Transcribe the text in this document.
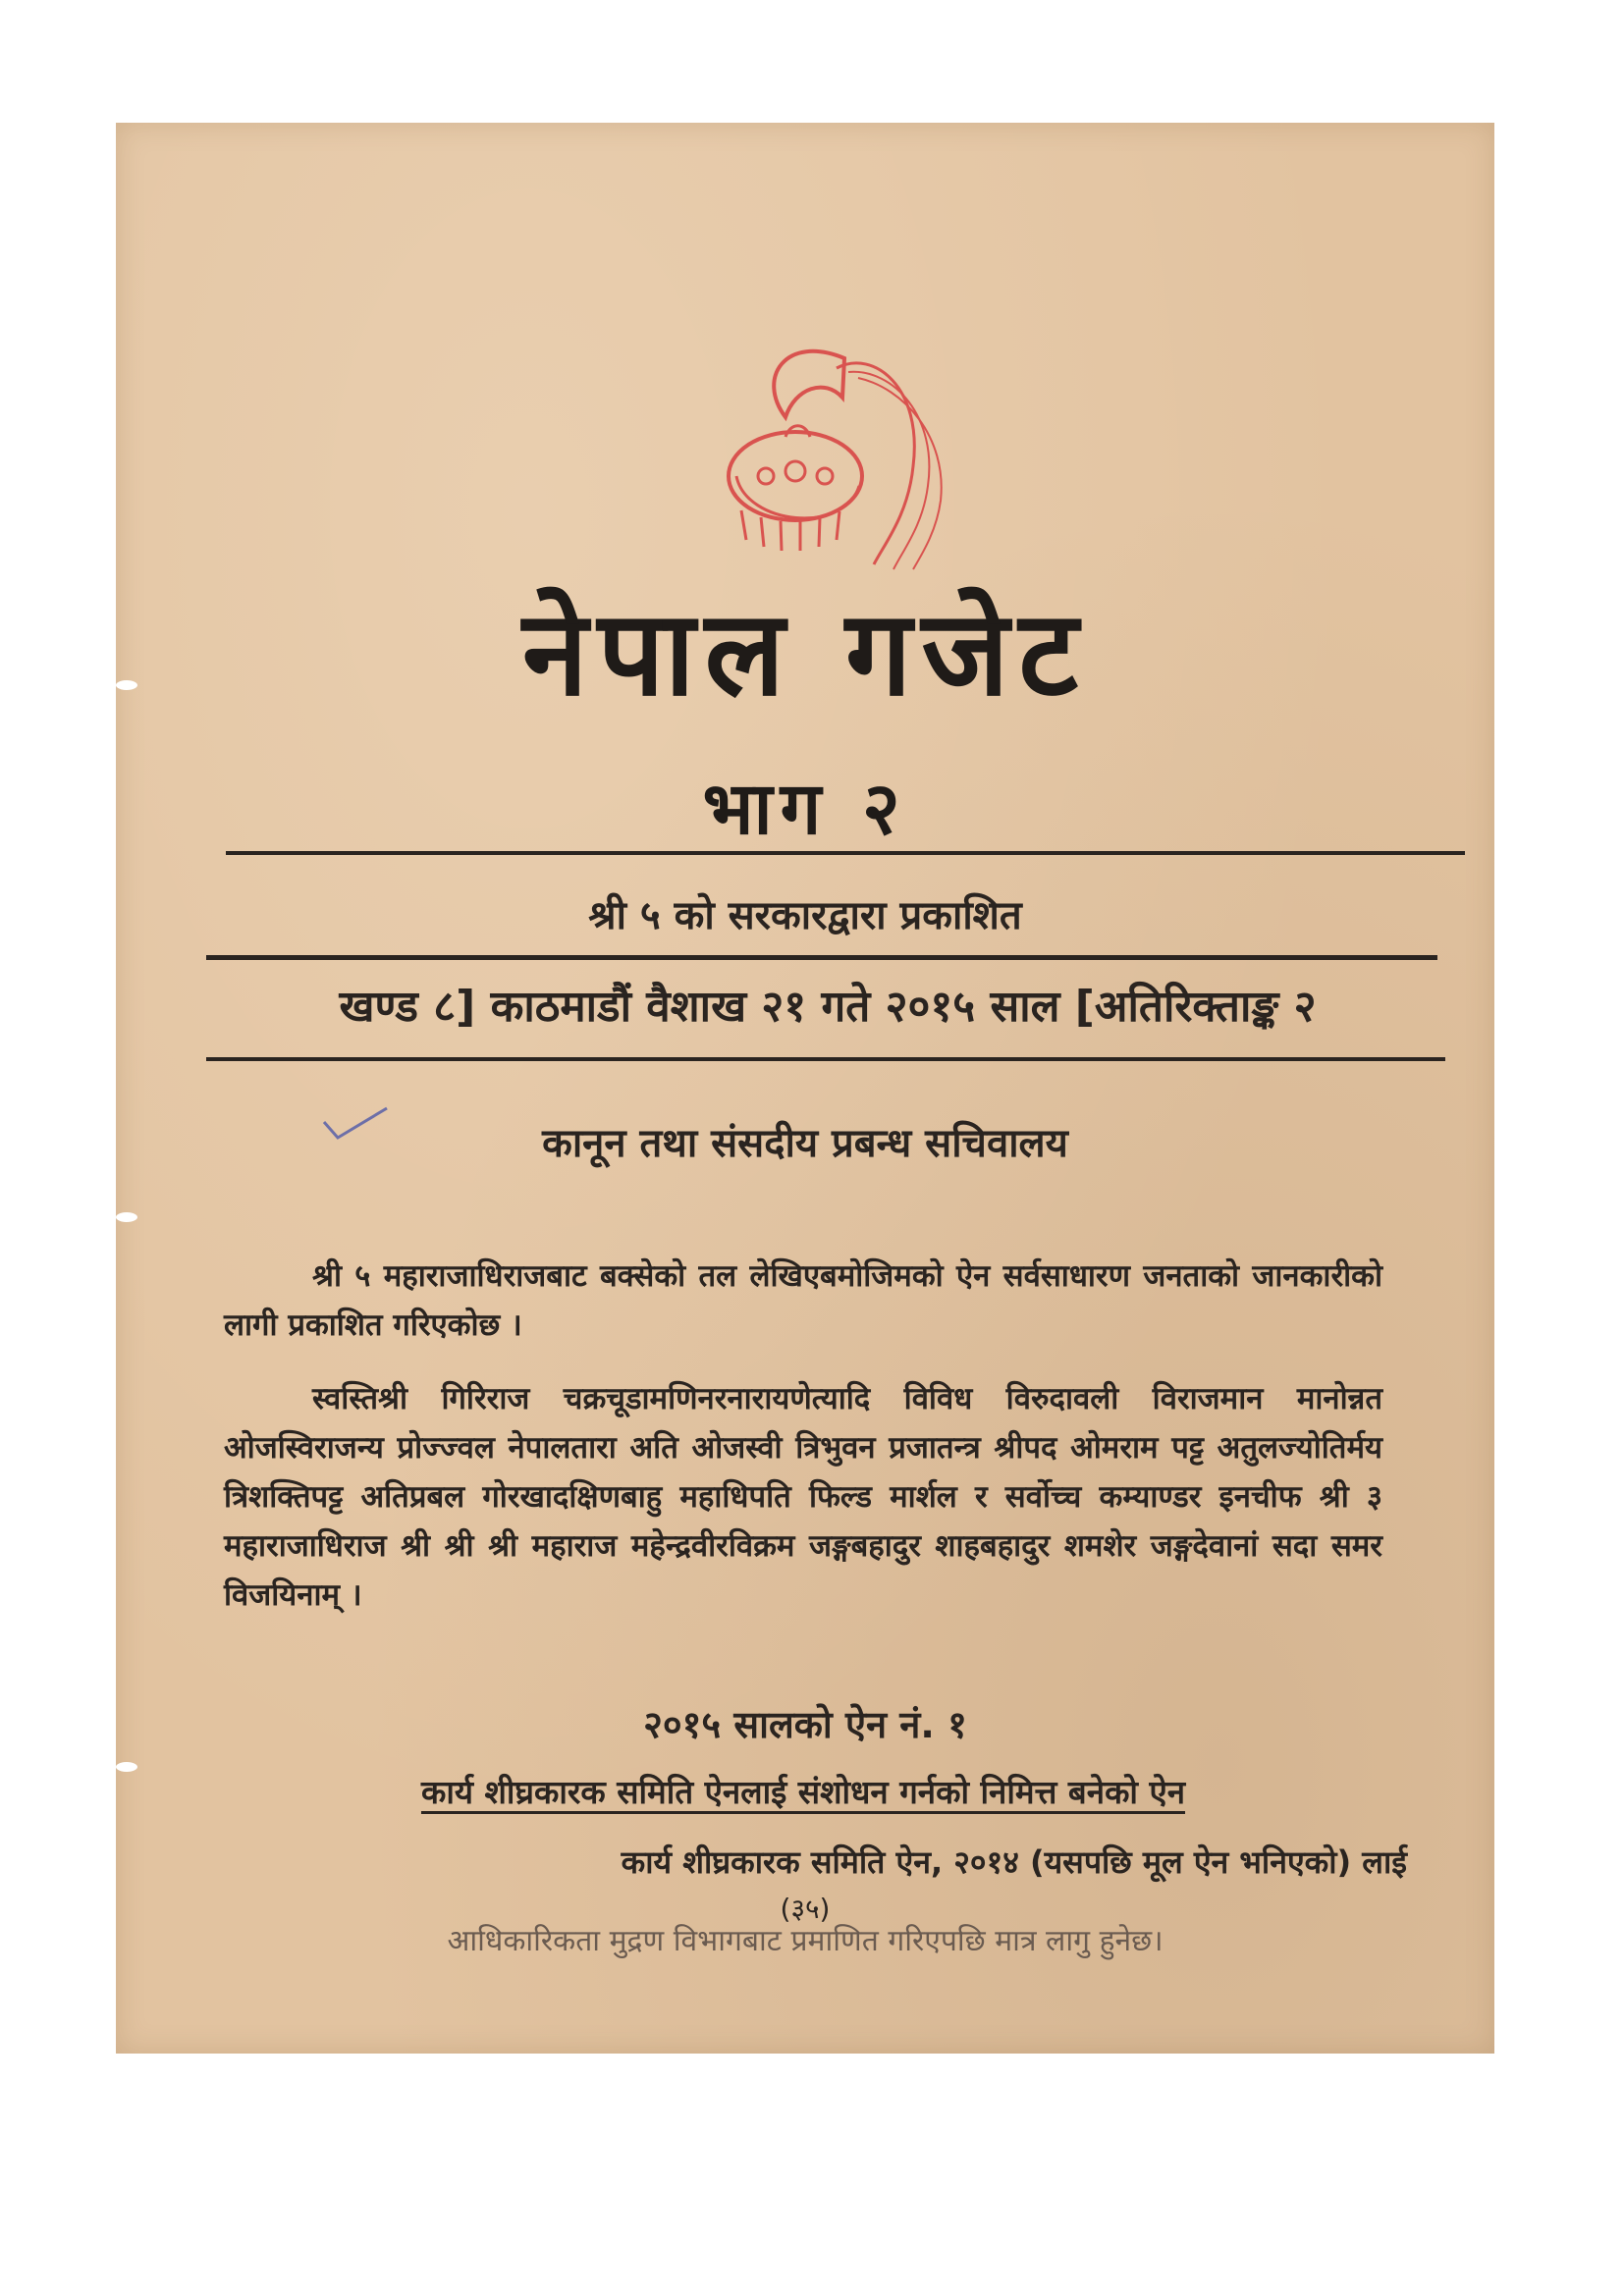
नेपाल गजेट
भाग २
श्री ५ को सरकारद्वारा प्रकाशित
खण्ड ८] काठमाडौं वैशाख २१ गते २०१५ साल [अतिरिक्ताङ्क २
कानून तथा संसदीय प्रबन्ध सचिवालय

श्री ५ महाराजाधिराजबाट बक्सेको तल लेखिएबमोजिमको ऐन सर्वसाधारण जनताको जानकारीको लागी प्रकाशित गरिएकोछ ।

स्वस्तिश्री गिरिराज चक्रचूडामणिनरनारायणेत्यादि विविध विरुदावली विराजमान मानोन्नत ओजस्विराजन्य प्रोज्ज्वल नेपालतारा अति ओजस्वी त्रिभुवन प्रजातन्त्र श्रीपद ओमराम पट्ट अतुलज्योतिर्मय त्रिशक्तिपट्ट अतिप्रबल गोरखादक्षिणबाहु महाधिपति फिल्ड मार्शल र सर्वोच्च कम्याण्डर इनचीफ श्री ३ महाराजाधिराज श्री श्री श्री महाराज महेन्द्रवीरविक्रम जङ्गबहादुर शाहबहादुर शमशेर जङ्गदेवानां सदा समर विजयिनाम् ।

२०१५ सालको ऐन नं. १
कार्य शीघ्रकारक समिति ऐनलाई संशोधन गर्नको निमित्त बनेको ऐन
कार्य शीघ्रकारक समिति ऐन, २०१४ (यसपछि मूल ऐन भनिएको) लाई
(३५)
आधिकारिकता मुद्रण विभागबाट प्रमाणित गरिएपछि मात्र लागु हुनेछ।
